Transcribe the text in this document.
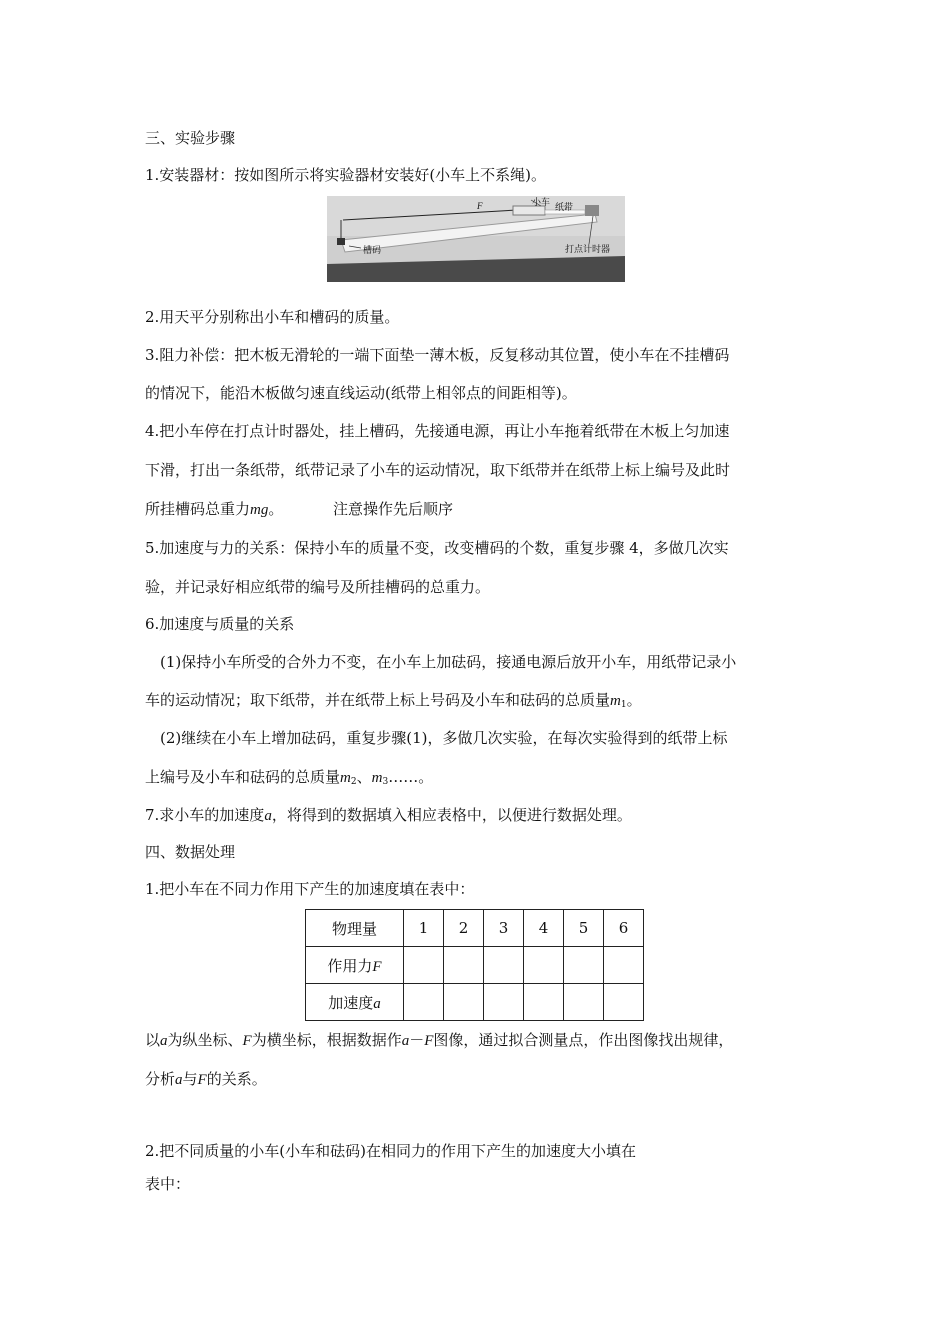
三、实验步骤
1.安装器材：按如图所示将实验器材安装好(小车上不系绳)。
F	小车 纸带
槽码	打点计时器
2.用天平分别称出小车和槽码的质量。
3.阻力补偿：把木板无滑轮的一端下面垫一薄木板，反复移动其位置，使小车在不挂槽码
的情况下，能沿木板做匀速直线运动(纸带上相邻点的间距相等)。
4.把小车停在打点计时器处，挂上槽码，先接通电源，再让小车拖着纸带在木板上匀加速
下滑，打出一条纸带，纸带记录了小车的运动情况，取下纸带并在纸带上标上编号及此时
所挂槽码总重力mg。	注意操作先后顺序
5.加速度与力的关系：保持小车的质量不变，改变槽码的个数，重复步骤 4，多做几次实
验，并记录好相应纸带的编号及所挂槽码的总重力。
6.加速度与质量的关系
(1)保持小车所受的合外力不变，在小车上加砝码，接通电源后放开小车，用纸带记录小
车的运动情况；取下纸带，并在纸带上标上号码及小车和砝码的总质量$m_1$。
(2)继续在小车上增加砝码，重复步骤(1)，多做几次实验，在每次实验得到的纸带上标
上编号及小车和砝码的总质量$m_2$、$m_3\dots\dots$。
7.求小车的加速度a，将得到的数据填入相应表格中，以便进行数据处理。
四、数据处理
1.把小车在不同力作用下产生的加速度填在表中：
物理量	1	2	3	4	5	6
作用力F						
加速度a						
以a为纵坐标、F为横坐标，根据数据作a－F图像，通过拟合测量点，作出图像找出规律，
分析a与F的关系。
2.把不同质量的小车(小车和砝码)在相同力的作用下产生的加速度大小填在
表中：
